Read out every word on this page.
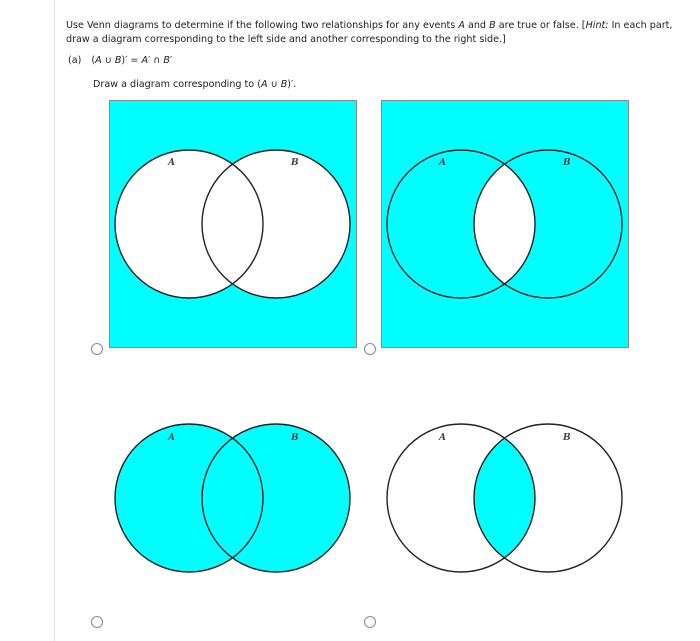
Use Venn diagrams to determine if the following two relationships for any events A and B are true or false. [Hint: In each part, draw a diagram corresponding to the left side and another corresponding to the right side.]

(a) (A ∪ B)′ = A′ ∩ B′
Draw a diagram corresponding to (A ∪ B)′.
A	B	A	B
A	B	A	B
